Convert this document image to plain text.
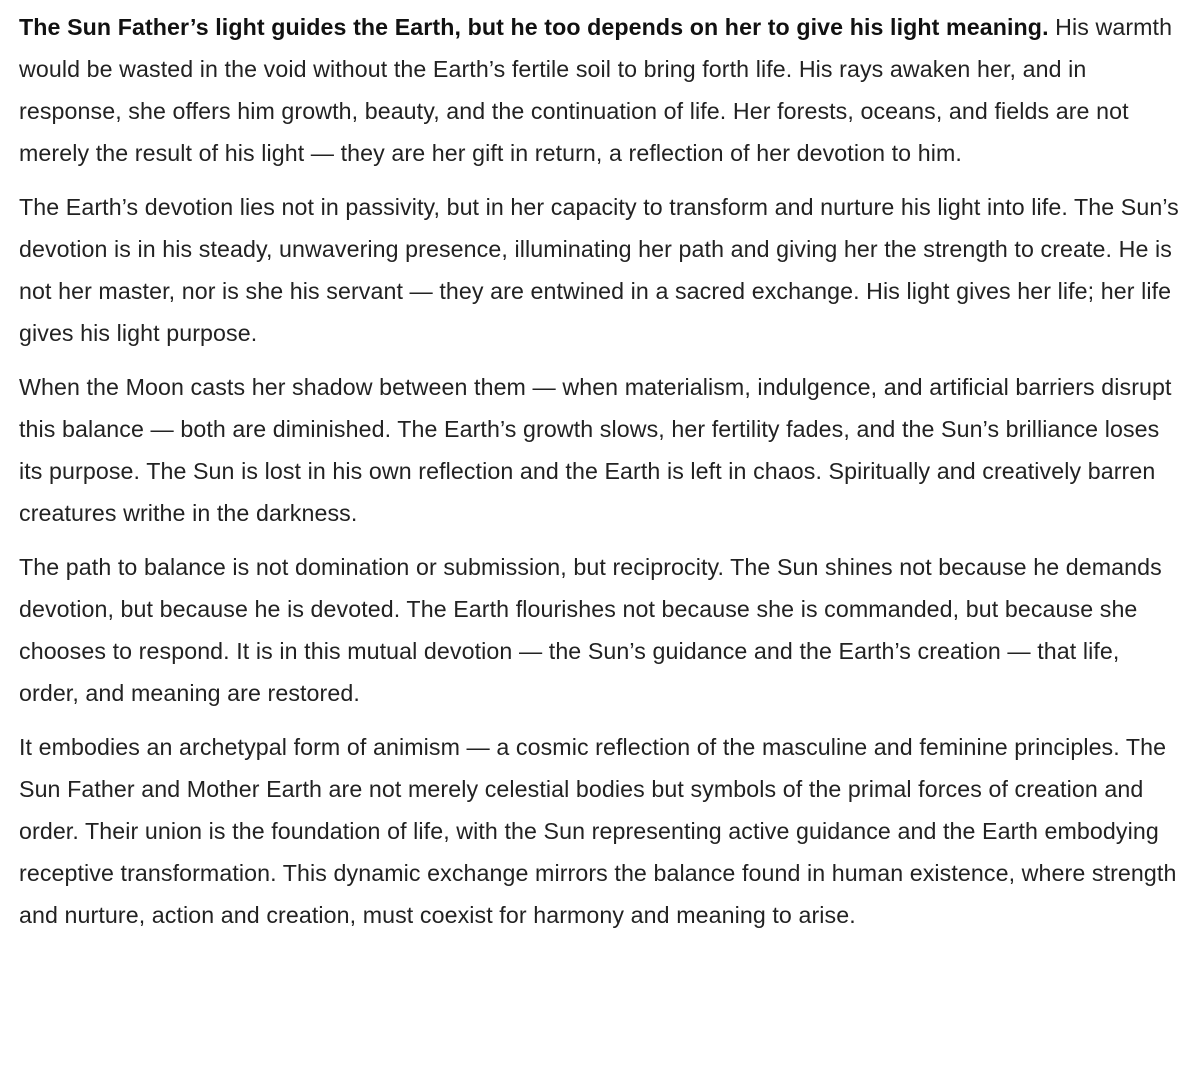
The Sun Father’s light guides the Earth, but he too depends on her to give his light meaning. His warmth would be wasted in the void without the Earth’s fertile soil to bring forth life. His rays awaken her, and in response, she offers him growth, beauty, and the continuation of life. Her forests, oceans, and fields are not merely the result of his light — they are her gift in return, a reflection of her devotion to him.

The Earth’s devotion lies not in passivity, but in her capacity to transform and nurture his light into life. The Sun’s devotion is in his steady, unwavering presence, illuminating her path and giving her the strength to create. He is not her master, nor is she his servant — they are entwined in a sacred exchange. His light gives her life; her life gives his light purpose.

When the Moon casts her shadow between them — when materialism, indulgence, and artificial barriers disrupt this balance — both are diminished. The Earth’s growth slows, her fertility fades, and the Sun’s brilliance loses its purpose. The Sun is lost in his own reflection and the Earth is left in chaos. Spiritually and creatively barren creatures writhe in the darkness.

The path to balance is not domination or submission, but reciprocity. The Sun shines not because he demands devotion, but because he is devoted. The Earth flourishes not because she is commanded, but because she chooses to respond. It is in this mutual devotion — the Sun’s guidance and the Earth’s creation — that life, order, and meaning are restored.

It embodies an archetypal form of animism — a cosmic reflection of the masculine and feminine principles. The Sun Father and Mother Earth are not merely celestial bodies but symbols of the primal forces of creation and order. Their union is the foundation of life, with the Sun representing active guidance and the Earth embodying receptive transformation. This dynamic exchange mirrors the balance found in human existence, where strength and nurture, action and creation, must coexist for harmony and meaning to arise.
